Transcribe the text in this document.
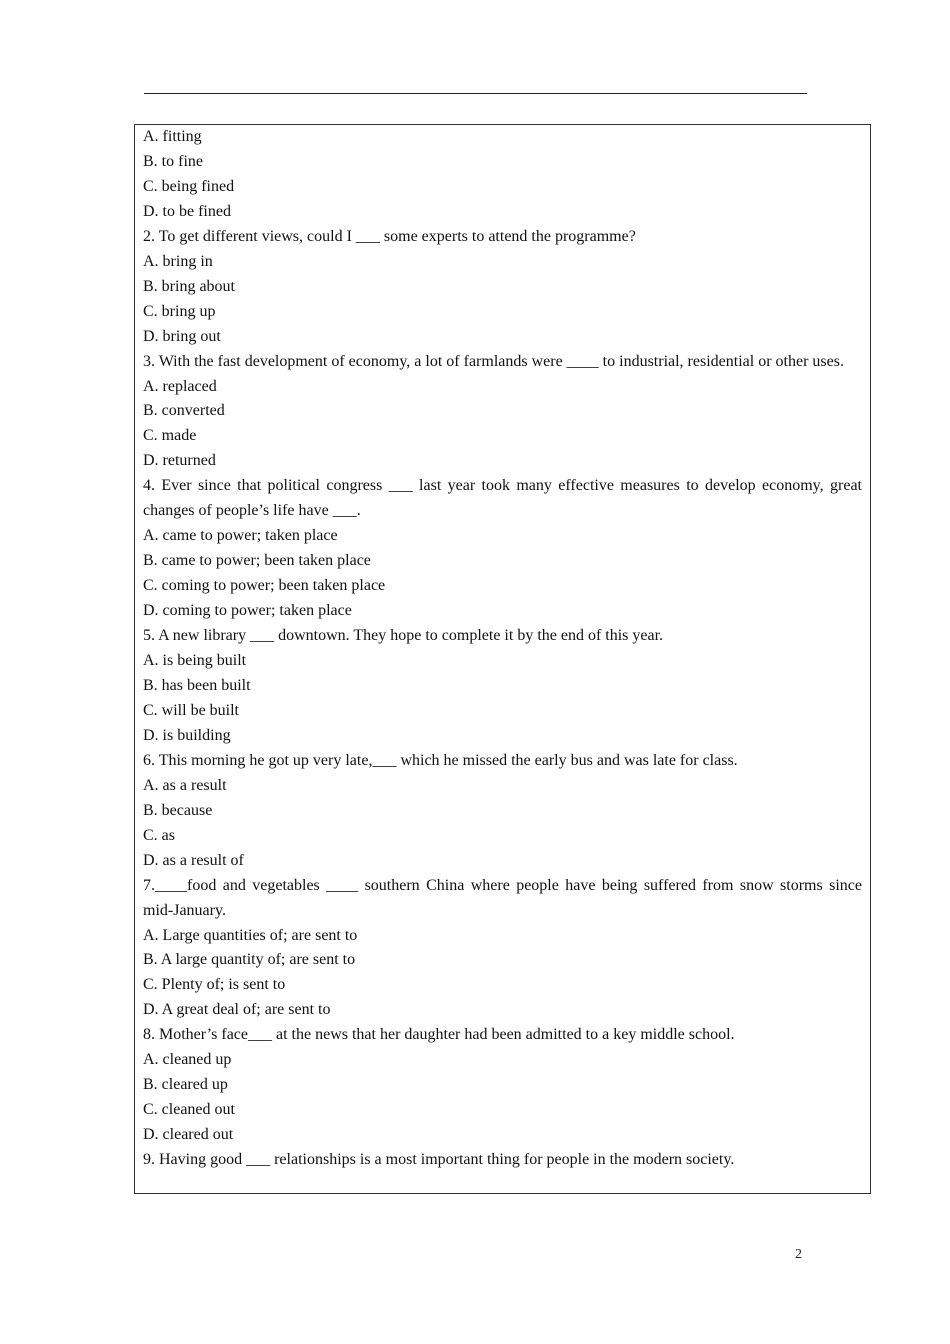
A. fitting
B. to fine
C. being fined
D. to be fined
2. To get different views, could I ___ some experts to attend the programme?
A. bring in
B. bring about
C. bring up
D. bring out
3. With the fast development of economy, a lot of farmlands were ____ to industrial, residential or other uses.
A. replaced
B. converted
C. made
D. returned
4. Ever since that political congress ___ last year took many effective measures to develop economy, great changes of people’s life have ___.
A. came to power; taken place
B. came to power; been taken place
C. coming to power; been taken place
D. coming to power; taken place
5. A new library ___ downtown. They hope to complete it by the end of this year.
A. is being built
B. has been built
C. will be built
D. is building
6. This morning he got up very late,___ which he missed the early bus and was late for class.
A. as a result
B. because
C. as
D. as a result of
7.____food and vegetables ____ southern China where people have being suffered from snow storms since mid-January.
A. Large quantities of; are sent to
B. A large quantity of; are sent to
C. Plenty of; is sent to
D. A great deal of; are sent to
8. Mother’s face___ at the news that her daughter had been admitted to a key middle school.
A. cleaned up
B. cleared up
C. cleaned out
D. cleared out
9. Having good ___ relationships is a most important thing for people in the modern society.
2
